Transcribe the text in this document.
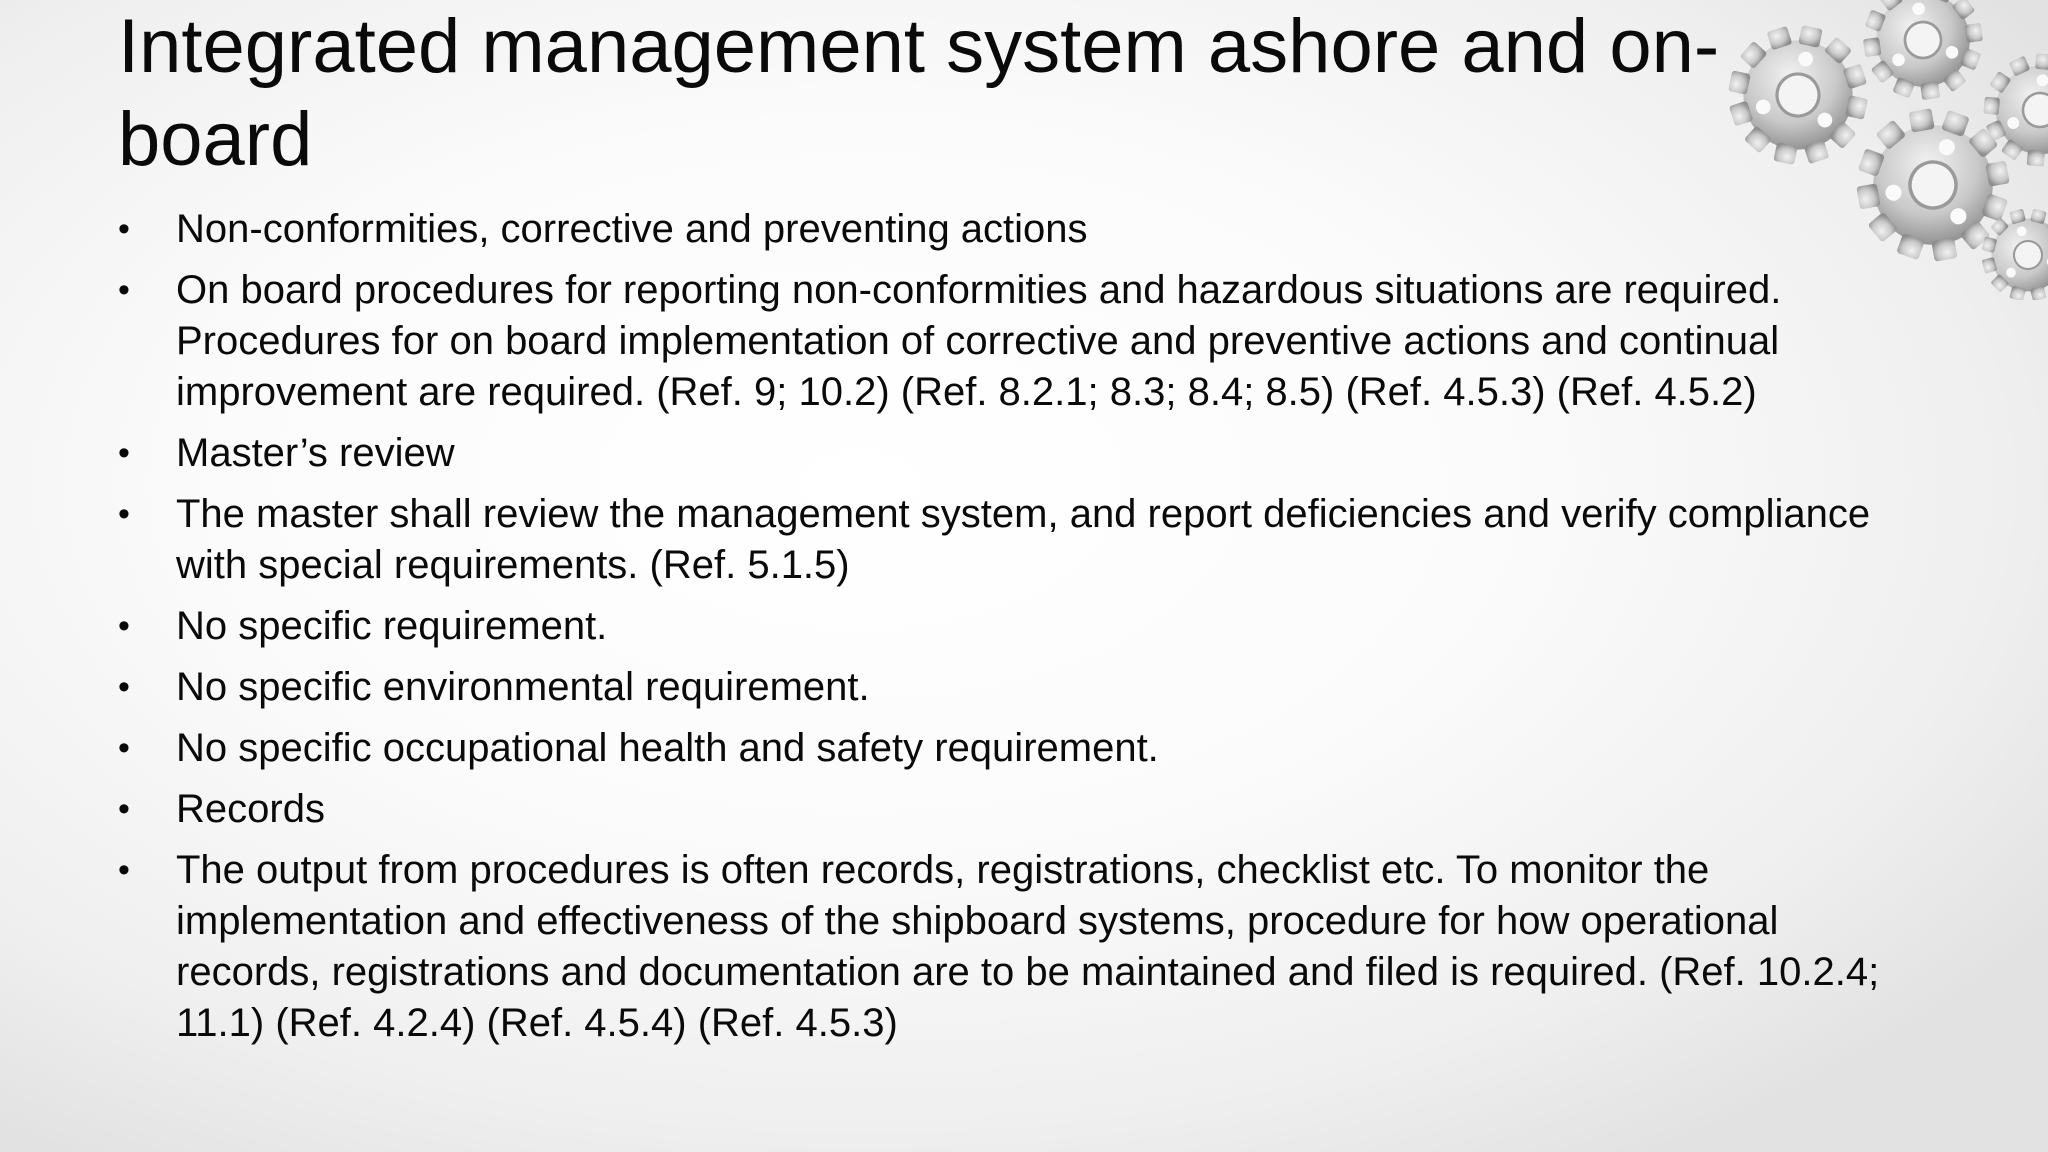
Integrated management system ashore and on-board
• Non-conformities, corrective and preventing actions
• On board procedures for reporting non-conformities and hazardous situations are required. Procedures for on board implementation of corrective and preventive actions and continual improvement are required. (Ref. 9; 10.2) (Ref. 8.2.1; 8.3; 8.4; 8.5) (Ref. 4.5.3) (Ref. 4.5.2)
• Master’s review
• The master shall review the management system, and report deficiencies and verify compliance with special requirements. (Ref. 5.1.5)
• No specific requirement.
• No specific environmental requirement.
• No specific occupational health and safety requirement.
• Records
• The output from procedures is often records, registrations, checklist etc. To monitor the implementation and effectiveness of the shipboard systems, procedure for how operational records, registrations and documentation are to be maintained and filed is required. (Ref. 10.2.4; 11.1) (Ref. 4.2.4) (Ref. 4.5.4) (Ref. 4.5.3)
